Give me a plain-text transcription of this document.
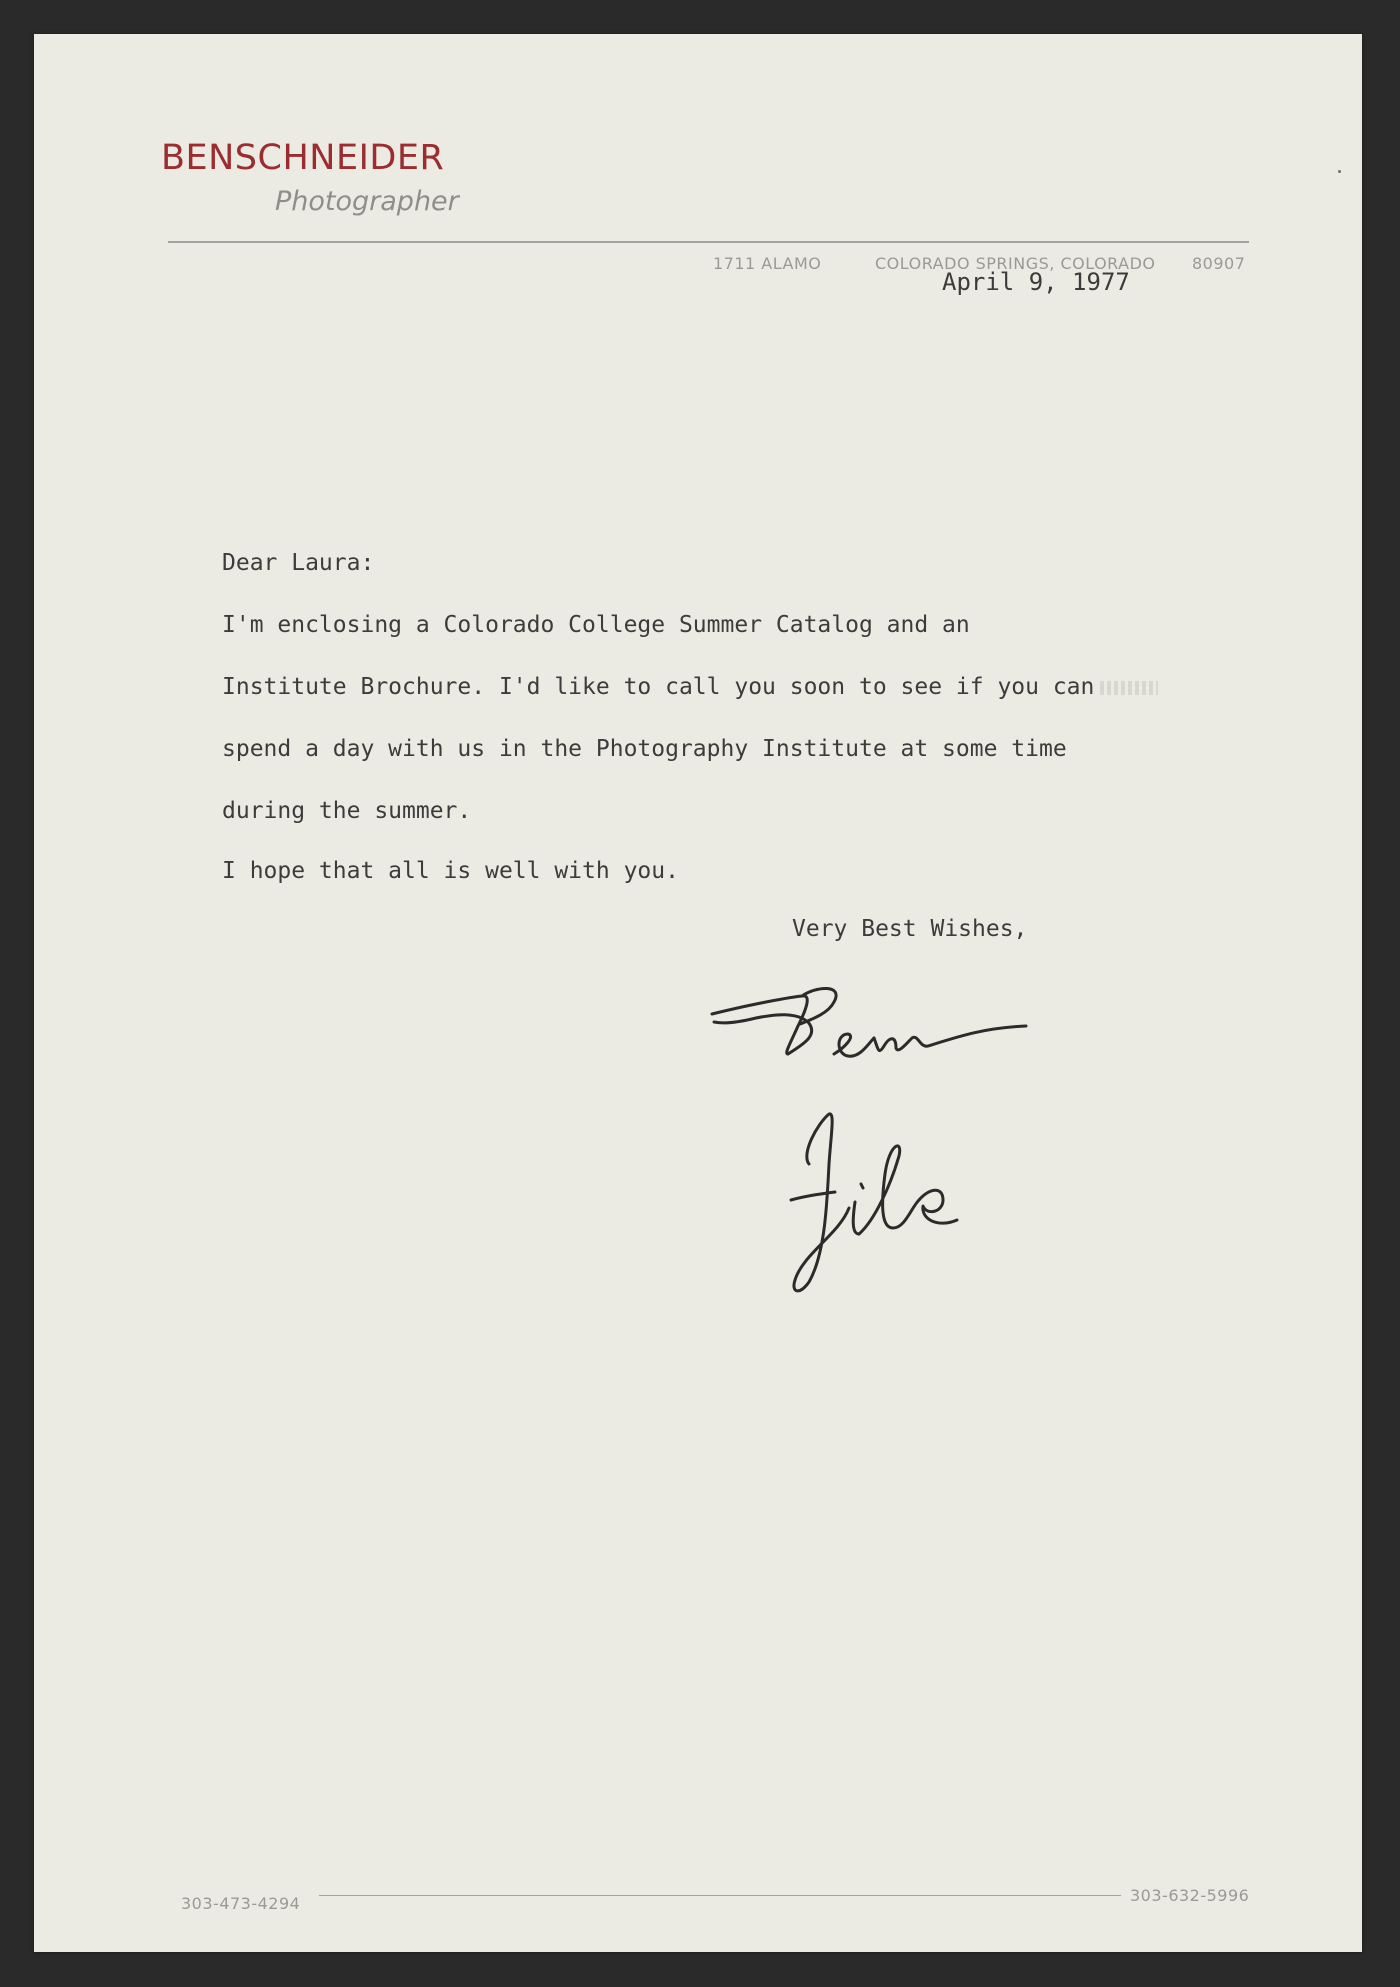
BENSCHNEIDER
Photographer
1711 ALAMO	COLORADO SPRINGS, COLORADO 80907
April 9, 1977
Dear Laura:
I'm enclosing a Colorado College Summer Catalog and an
Institute Brochure. I'd like to call you soon to see if you can
spend a day with us in the Photography Institute at some time
during the summer.
I hope that all is well with you.
Very Best Wishes,
303-473-4294	303-632-5996
